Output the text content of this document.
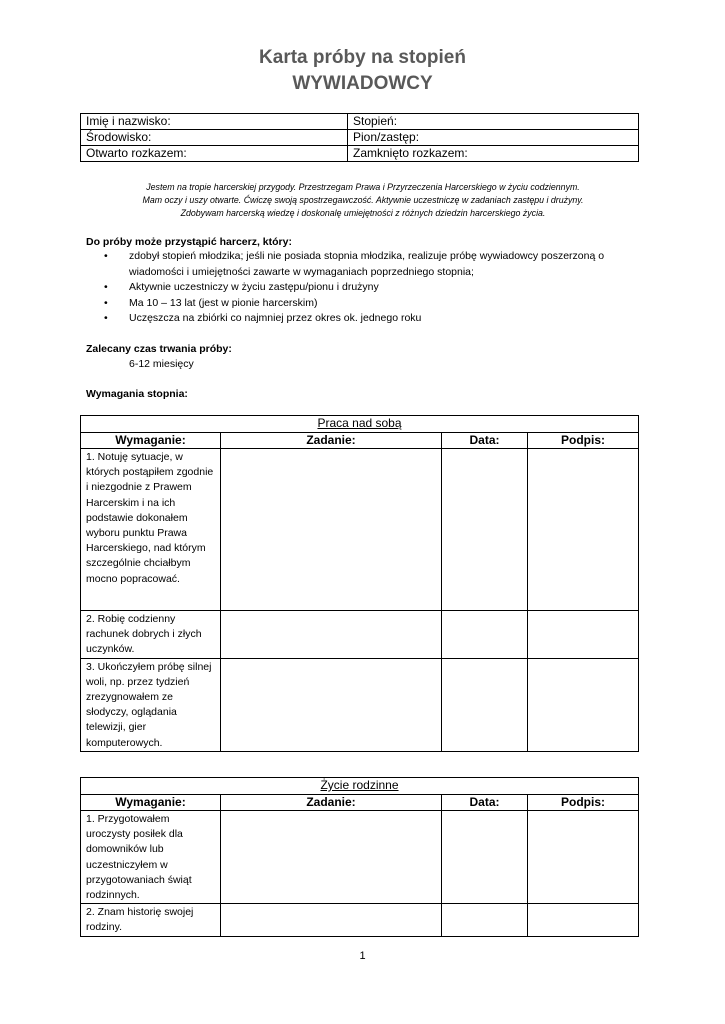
Karta próby na stopień
WYWIADOWCY
Imię i nazwisko:	Stopień:
Środowisko:	Pion/zastęp:
Otwarto rozkazem:	Zamknięto rozkazem:
Jestem na tropie harcerskiej przygody. Przestrzegam Prawa i Przyrzeczenia Harcerskiego w życiu codziennym.
Mam oczy i uszy otwarte. Ćwiczę swoją spostrzegawczość. Aktywnie uczestniczę w zadaniach zastępu i drużyny.
Zdobywam harcerską wiedzę i doskonalę umiejętności z różnych dziedzin harcerskiego życia.
Do próby może przystąpić harcerz, który:
• zdobył stopień młodzika; jeśli nie posiada stopnia młodzika, realizuje próbę wywiadowcy poszerzoną o wiadomości i umiejętności zawarte w wymaganiach poprzedniego stopnia;
• Aktywnie uczestniczy w życiu zastępu/pionu i drużyny
• Ma 10 – 13 lat (jest w pionie harcerskim)
• Uczęszcza na zbiórki co najmniej przez okres ok. jednego roku
Zalecany czas trwania próby:
6-12 miesięcy
Wymagania stopnia:
Praca nad sobą			
Wymaganie:	Zadanie:	Data:	Podpis:
1. Notuję sytuacje, w których postąpiłem zgodnie i niezgodnie z Prawem Harcerskim i na ich podstawie dokonałem wyboru punktu Prawa Harcerskiego, nad którym szczególnie chciałbym mocno popracować.			
2. Robię codzienny rachunek dobrych i złych uczynków.			
3. Ukończyłem próbę silnej woli, np. przez tydzień zrezygnowałem ze słodyczy, oglądania telewizji, gier komputerowych.			
Życie rodzinne			
Wymaganie:	Zadanie:	Data:	Podpis:
1. Przygotowałem uroczysty posiłek dla domowników lub uczestniczyłem w przygotowaniach świąt rodzinnych.			
2. Znam historię swojej rodziny.			
1
